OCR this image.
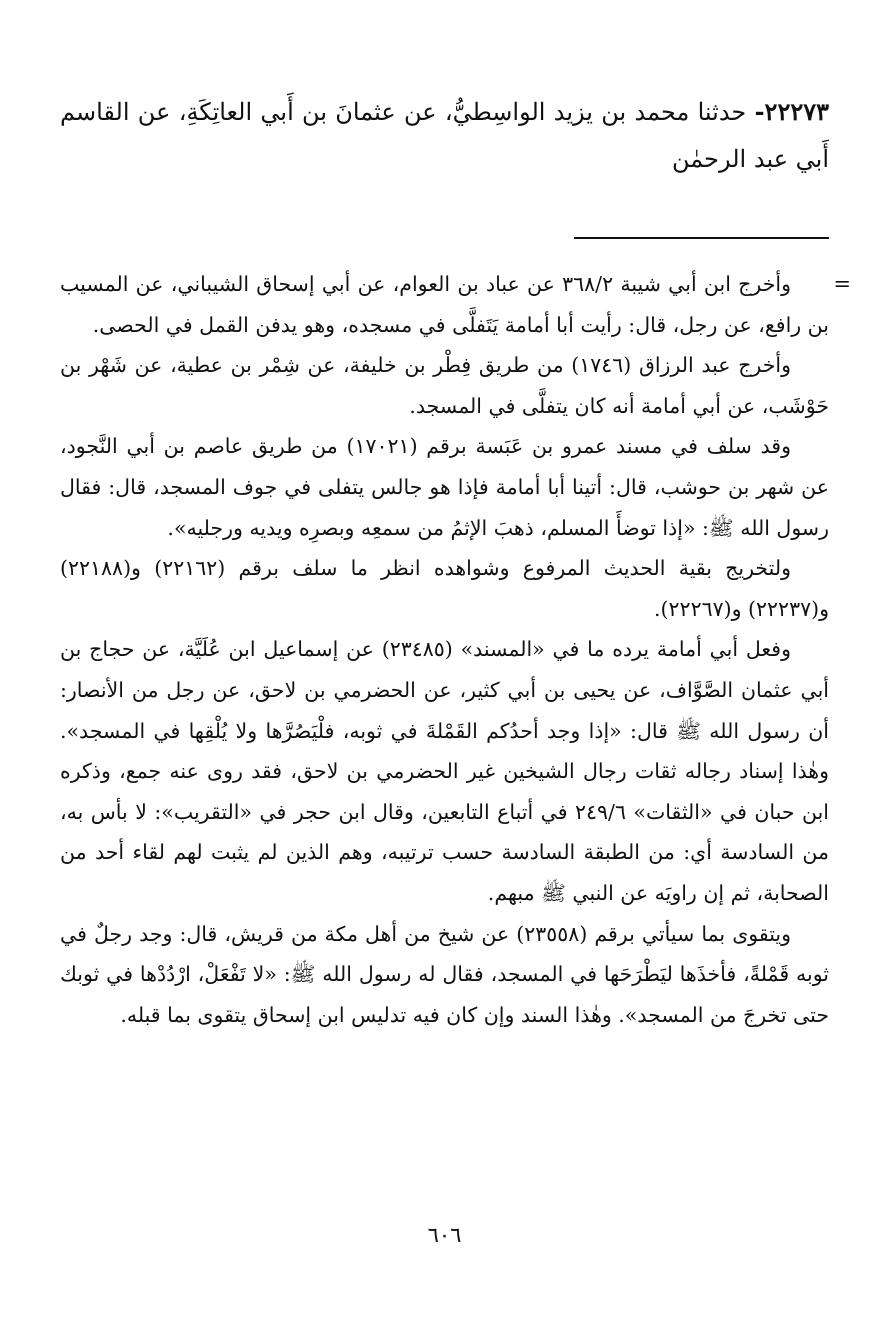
٢٢٢٧٣- حدثنا محمد بن يزيد الواسِطيُّ، عن عثمانَ بن أَبي العاتِكَةِ، عن القاسم أَبي عبد الرحمٰن

=

وأخرج ابن أبي شيبة ٣٦٨/٢ عن عباد بن العوام، عن أبي إسحاق الشيباني، عن المسيب بن رافع، عن رجل، قال: رأيت أبا أمامة يَتَفلَّى في مسجده، وهو يدفن القمل في الحصى.

وأخرج عبد الرزاق (١٧٤٦) من طريق فِطْر بن خليفة، عن شِمْر بن عطية، عن شَهْر بن حَوْشَب، عن أبي أمامة أنه كان يتفلَّى في المسجد.

وقد سلف في مسند عمرو بن عَبَسة برقم (١٧٠٢١) من طريق عاصم بن أبي النَّجود، عن شهر بن حوشب، قال: أتينا أبا أمامة فإذا هو جالس يتفلى في جوف المسجد، قال: فقال رسول الله ﷺ: «إذا توضأَ المسلم، ذهبَ الإثمُ من سمعِه وبصرِه ويديه ورجليه».

ولتخريج بقية الحديث المرفوع وشواهده انظر ما سلف برقم (٢٢١٦٢) و(٢٢١٨٨) و(٢٢٢٣٧) و(٢٢٢٦٧).

وفعل أبي أمامة يرده ما في «المسند» (٢٣٤٨٥) عن إسماعيل ابن عُلَيَّة، عن حجاج بن أبي عثمان الصَّوَّاف، عن يحيى بن أبي كثير، عن الحضرمي بن لاحق، عن رجل من الأنصار: أن رسول الله ﷺ قال: «إذا وجد أحدُكم القَمْلةَ في ثوبه، فلْيَصُرَّها ولا يُلْقِها في المسجد». وهٰذا إسناد رجاله ثقات رجال الشيخين غير الحضرمي بن لاحق، فقد روى عنه جمع، وذكره ابن حبان في «الثقات» ٢٤٩/٦ في أتباع التابعين، وقال ابن حجر في «التقريب»: لا بأس به، من السادسة أي: من الطبقة السادسة حسب ترتيبه، وهم الذين لم يثبت لهم لقاء أحد من الصحابة، ثم إن راويَه عن النبي ﷺ مبهم.

ويتقوى بما سيأتي برقم (٢٣٥٥٨) عن شيخ من أهل مكة من قريش، قال: وجد رجلٌ في ثوبه قَمْلةً، فأخذَها ليَطْرَحَها في المسجد، فقال له رسول الله ﷺ: «لا تَفْعَلْ، ارْدُدْها في ثوبك حتى تخرجَ من المسجد». وهٰذا السند وإن كان فيه تدليس ابن إسحاق يتقوى بما قبله.

٦٠٦
